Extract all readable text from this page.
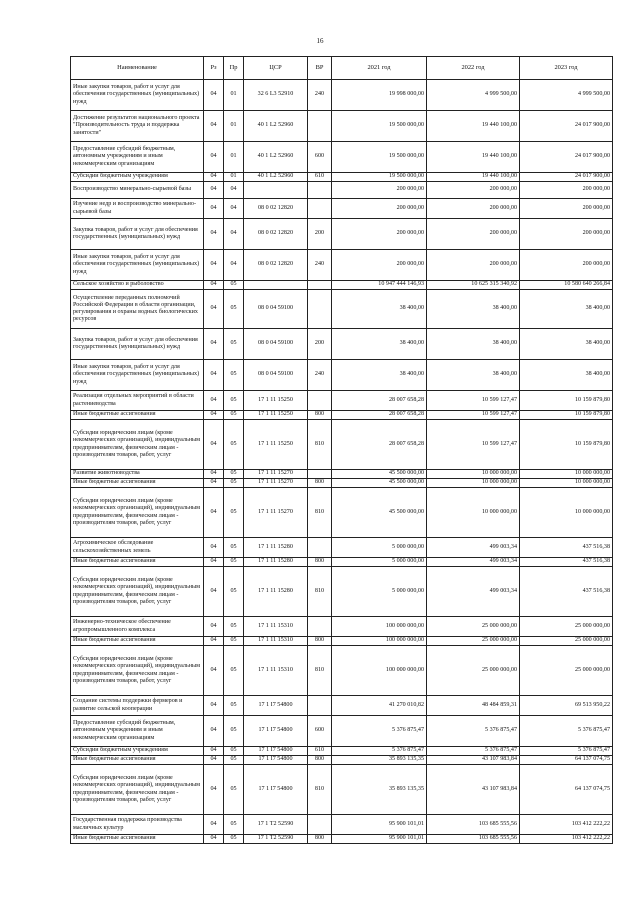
16
Наименование	Рз	Пр	ЦСР	ВР	2021 год	2022 год	2023 год
Иные закупки товаров, работ и услуг для обеспечения государственных (муниципальных) нужд	04	01	32 6 L3 52910	240	19 998 000,00	4 999 500,00	4 999 500,00
Достижение результатов национального проекта "Производительность труда и поддержка занятости"	04	01	40 1 L2 52960		19 500 000,00	19 440 100,00	24 017 900,00
Предоставление субсидий бюджетным, автономным учреждениям и иным некоммерческим организациям	04	01	40 1 L2 52960	600	19 500 000,00	19 440 100,00	24 017 900,00
Субсидии бюджетным учреждениям	04	01	40 1 L2 52960	610	19 500 000,00	19 440 100,00	24 017 900,00
Воспроизводство минерально-сырьевой базы	04	04			200 000,00	200 000,00	200 000,00
Изучение недр и воспроизводство минерально-сырьевой базы	04	04	08 0 02 12820		200 000,00	200 000,00	200 000,00
Закупка товаров, работ и услуг для обеспечения государственных (муниципальных) нужд	04	04	08 0 02 12820	200	200 000,00	200 000,00	200 000,00
Иные закупки товаров, работ и услуг для обеспечения государственных (муниципальных) нужд	04	04	08 0 02 12820	240	200 000,00	200 000,00	200 000,00
Сельское хозяйство и рыболовство	04	05			10 947 444 146,93	10 625 315 340,92	10 580 640 266,84
Осуществление переданных полномочий Российской Федерации в области организации, регулирования и охраны водных биологических ресурсов	04	05	08 0 04 59100		38 400,00	38 400,00	38 400,00
Закупка товаров, работ и услуг для обеспечения государственных (муниципальных) нужд	04	05	08 0 04 59100	200	38 400,00	38 400,00	38 400,00
Иные закупки товаров, работ и услуг для обеспечения государственных (муниципальных) нужд	04	05	08 0 04 59100	240	38 400,00	38 400,00	38 400,00
Реализация отдельных мероприятий в области растениеводства	04	05	17 1 11 15250		28 007 658,28	10 599 127,47	10 159 879,80
Иные бюджетные ассигнования	04	05	17 1 11 15250	800	28 007 658,28	10 599 127,47	10 159 879,80
Субсидии юридическим лицам (кроме некоммерческих организаций), индивидуальным предпринимателям, физическим лицам - производителям товаров, работ, услуг	04	05	17 1 11 15250	810	28 007 658,28	10 599 127,47	10 159 879,80
Развитие животноводства	04	05	17 1 11 15270		45 500 000,00	10 000 000,00	10 000 000,00
Иные бюджетные ассигнования	04	05	17 1 11 15270	800	45 500 000,00	10 000 000,00	10 000 000,00
Субсидии юридическим лицам (кроме некоммерческих организаций), индивидуальным предпринимателям, физическим лицам - производителям товаров, работ, услуг	04	05	17 1 11 15270	810	45 500 000,00	10 000 000,00	10 000 000,00
Агрохимическое обследование сельскохозяйственных земель	04	05	17 1 11 15280		5 000 000,00	499 003,34	437 516,38
Иные бюджетные ассигнования	04	05	17 1 11 15280	800	5 000 000,00	499 003,34	437 516,38
Субсидии юридическим лицам (кроме некоммерческих организаций), индивидуальным предпринимателям, физическим лицам - производителям товаров, работ, услуг	04	05	17 1 11 15280	810	5 000 000,00	499 003,34	437 516,38
Инженерно-техническое обеспечение агропромышленного комплекса	04	05	17 1 11 15310		100 000 000,00	25 000 000,00	25 000 000,00
Иные бюджетные ассигнования	04	05	17 1 11 15310	800	100 000 000,00	25 000 000,00	25 000 000,00
Субсидии юридическим лицам (кроме некоммерческих организаций), индивидуальным предпринимателям, физическим лицам - производителям товаров, работ, услуг	04	05	17 1 11 15310	810	100 000 000,00	25 000 000,00	25 000 000,00
Создание системы поддержки фермеров и развитие сельской кооперации	04	05	17 1 I7 54800		41 270 010,82	48 484 859,31	69 513 950,22
Предоставление субсидий бюджетным, автономным учреждениям и иным некоммерческим организациям	04	05	17 1 I7 54800	600	5 376 875,47	5 376 875,47	5 376 875,47
Субсидии бюджетным учреждениям	04	05	17 1 I7 54800	610	5 376 875,47	5 376 875,47	5 376 875,47
Иные бюджетные ассигнования	04	05	17 1 I7 54800	800	35 893 135,35	43 107 983,84	64 137 074,75
Субсидии юридическим лицам (кроме некоммерческих организаций), индивидуальным предпринимателям, физическим лицам - производителям товаров, работ, услуг	04	05	17 1 I7 54800	810	35 893 135,35	43 107 983,84	64 137 074,75
Государственная поддержка производства масличных культур	04	05	17 1 T2 52590		95 900 101,01	103 685 555,56	103 412 222,22
Иные бюджетные ассигнования	04	05	17 1 T2 52590	800	95 900 101,01	103 685 555,56	103 412 222,22
